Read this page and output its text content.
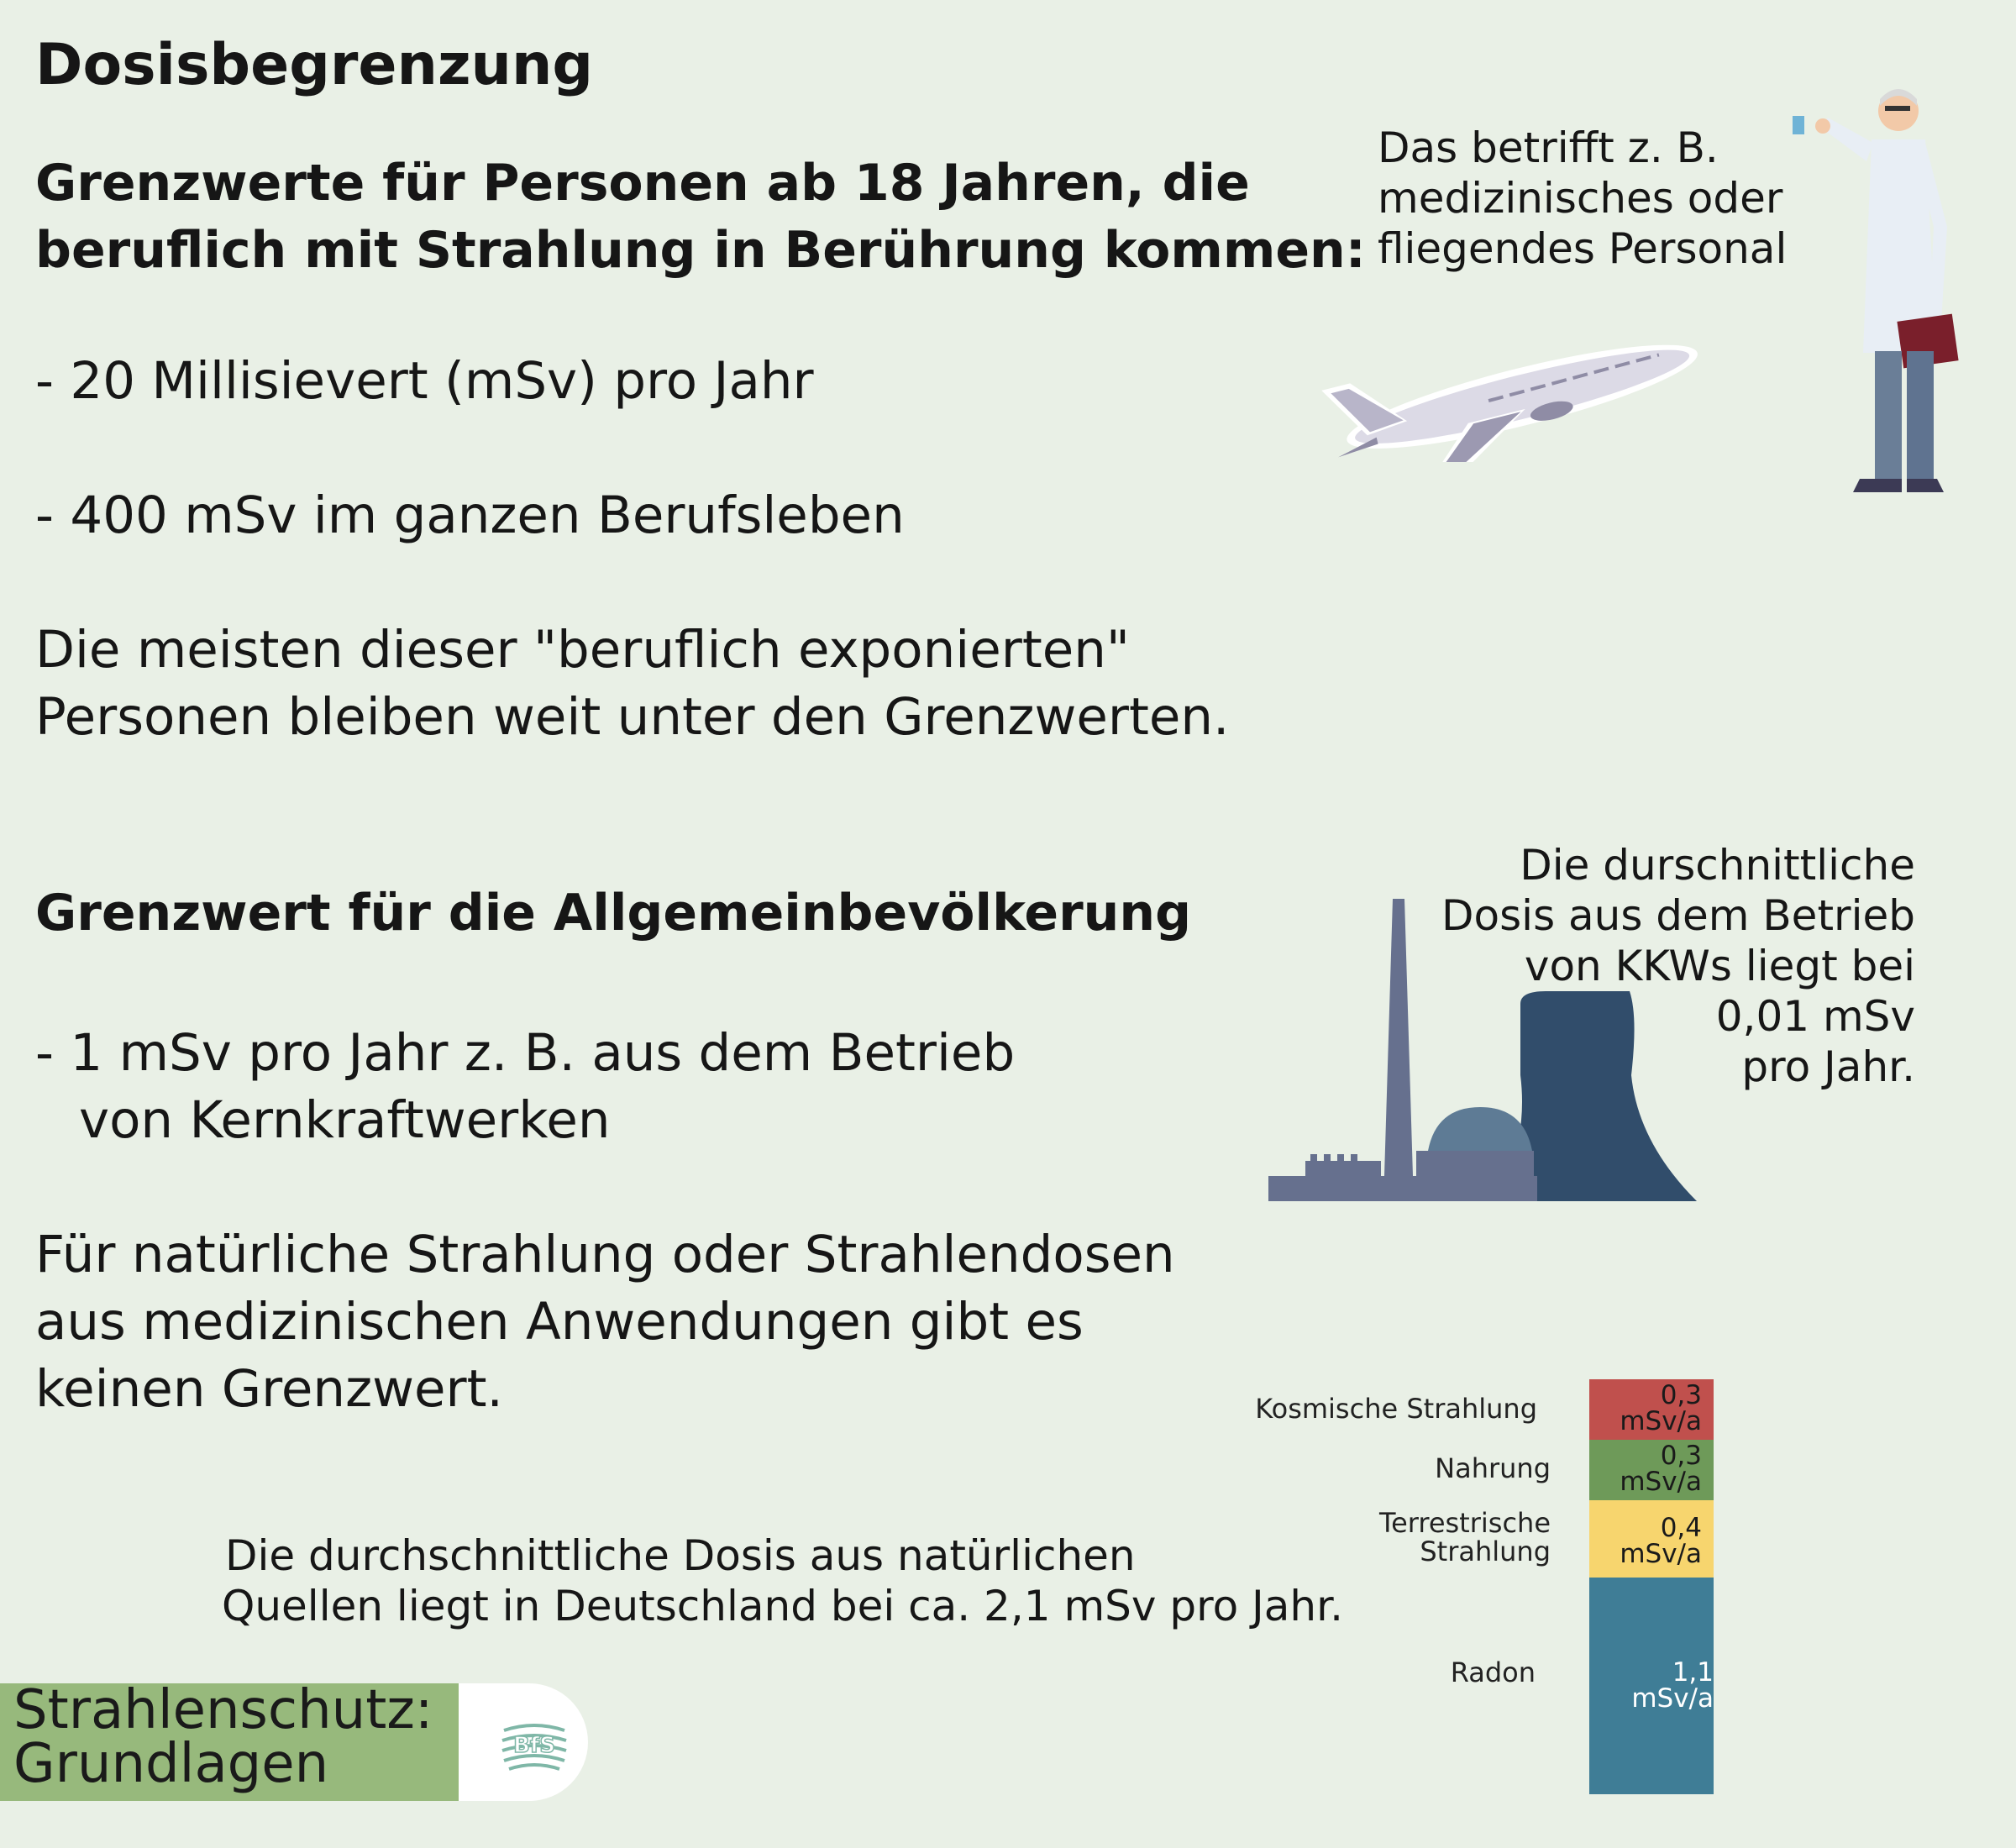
Dosisbegrenzung
Grenzwerte für Personen ab 18 Jahren, die
beruflich mit Strahlung in Berührung kommen:
- 20 Millisievert (mSv) pro Jahr
- 400 mSv im ganzen Berufsleben
Die meisten dieser "beruflich exponierten"
Personen bleiben weit unter den Grenzwerten.
Das betrifft z. B.
medizinisches oder
fliegendes Personal
Grenzwert für die Allgemeinbevölkerung
- 1 mSv pro Jahr z. B. aus dem Betrieb
von Kernkraftwerken
Die durschnittliche
Dosis aus dem Betrieb
von KKWs liegt bei
0,01 mSv
pro Jahr.
Für natürliche Strahlung oder Strahlendosen
aus medizinischen Anwendungen gibt es
keinen Grenzwert.
Die durchschnittliche Dosis aus natürlichen
Quellen liegt in Deutschland bei ca. 2,1 mSv pro Jahr.
0,3
mSv/a
0,3
mSv/a
0,4
mSv/a
1,1 mSv/a
Kosmische Strahlung
Nahrung
Terrestrische
Strahlung
Radon
Strahlenschutz:
Grundlagen	BfS
